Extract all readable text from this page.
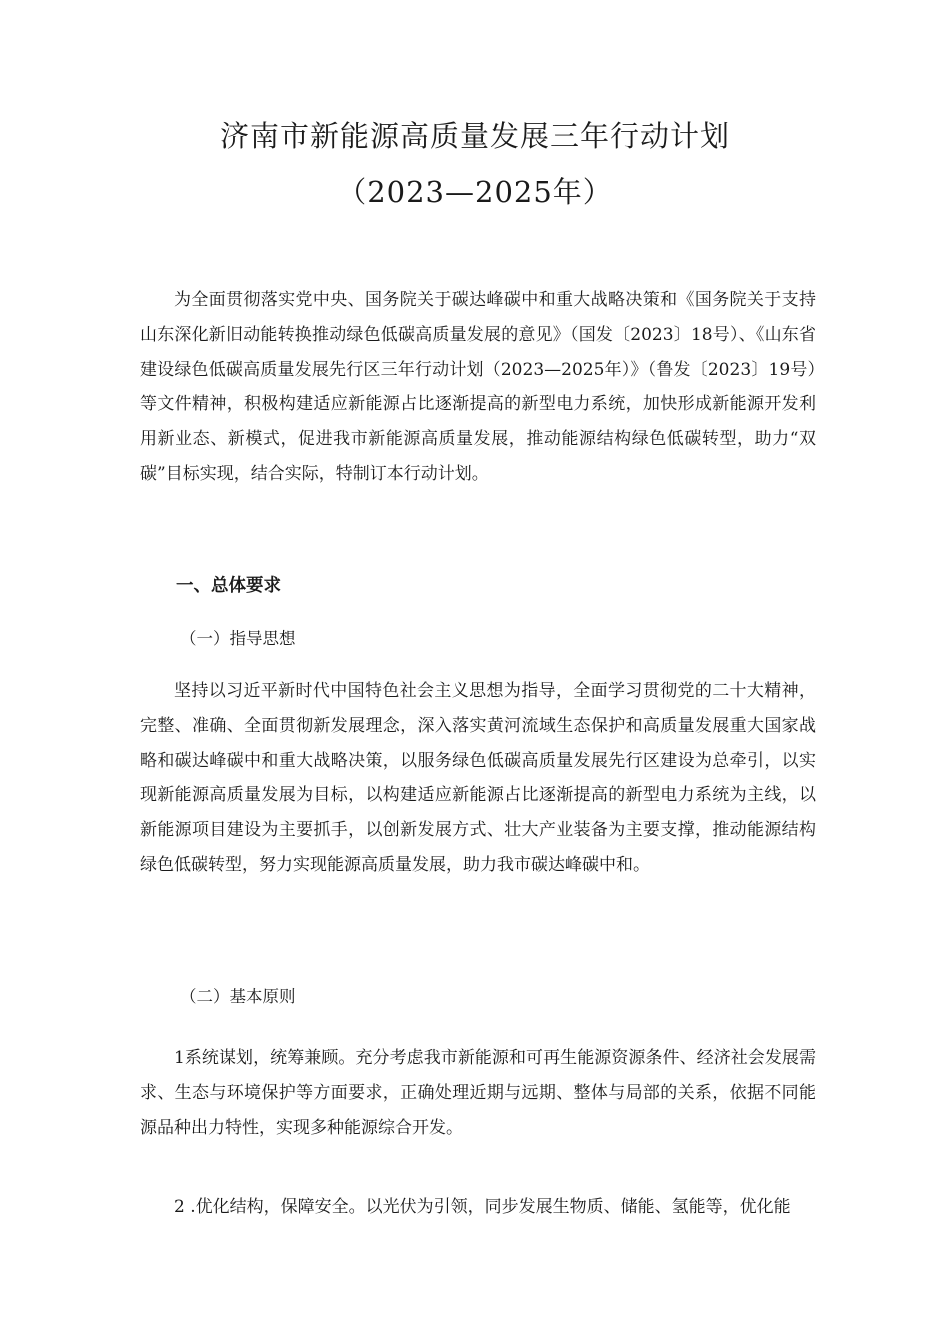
济南市新能源高质量发展三年行动计划
（2023—2025年）

为全面贯彻落实党中央、国务院关于碳达峰碳中和重大战略决策和《国务院关于支持山东深化新旧动能转换推动绿色低碳高质量发展的意见》（国发〔2023〕18号）、《山东省建设绿色低碳高质量发展先行区三年行动计划（2023—2025年）》（鲁发〔2023〕19号）等文件精神，积极构建适应新能源占比逐渐提高的新型电力系统，加快形成新能源开发利用新业态、新模式，促进我市新能源高质量发展，推动能源结构绿色低碳转型，助力“双碳”目标实现，结合实际，特制订本行动计划。

一、总体要求
（一）指导思想

坚持以习近平新时代中国特色社会主义思想为指导，全面学习贯彻党的二十大精神，完整、准确、全面贯彻新发展理念，深入落实黄河流域生态保护和高质量发展重大国家战略和碳达峰碳中和重大战略决策，以服务绿色低碳高质量发展先行区建设为总牵引，以实现新能源高质量发展为目标，以构建适应新能源占比逐渐提高的新型电力系统为主线，以新能源项目建设为主要抓手，以创新发展方式、壮大产业装备为主要支撑，推动能源结构绿色低碳转型，努力实现能源高质量发展，助力我市碳达峰碳中和。

（二）基本原则

1系统谋划，统筹兼顾。充分考虑我市新能源和可再生能源资源条件、经济社会发展需求、生态与环境保护等方面要求，正确处理近期与远期、整体与局部的关系，依据不同能源品种出力特性，实现多种能源综合开发。

2 .优化结构，保障安全。以光伏为引领，同步发展生物质、储能、氢能等，优化能
